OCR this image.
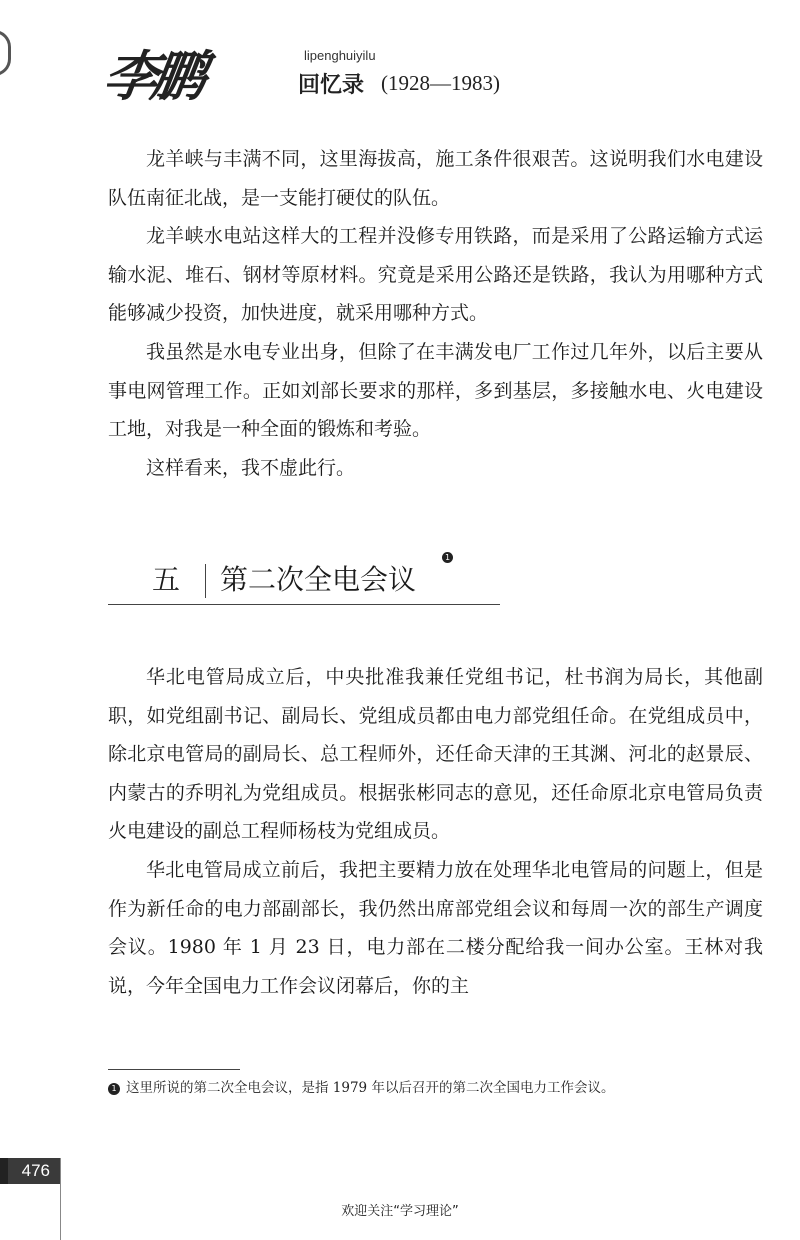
李鹏	lipenghuiyilu
回忆录 (1928—1983)

龙羊峡与丰满不同，这里海拔高，施工条件很艰苦。这说明我们水电建设队伍南征北战，是一支能打硬仗的队伍。

龙羊峡水电站这样大的工程并没修专用铁路，而是采用了公路运输方式运输水泥、堆石、钢材等原材料。究竟是采用公路还是铁路，我认为用哪种方式能够减少投资，加快进度，就采用哪种方式。

我虽然是水电专业出身，但除了在丰满发电厂工作过几年外，以后主要从事电网管理工作。正如刘部长要求的那样，多到基层，多接触水电、火电建设工地，对我是一种全面的锻炼和考验。

这样看来，我不虚此行。

五 第二次全电会议
1

华北电管局成立后，中央批准我兼任党组书记，杜书润为局长，其他副职，如党组副书记、副局长、党组成员都由电力部党组任命。在党组成员中，除北京电管局的副局长、总工程师外，还任命天津的王其渊、河北的赵景辰、内蒙古的乔明礼为党组成员。根据张彬同志的意见，还任命原北京电管局负责火电建设的副总工程师杨枝为党组成员。

华北电管局成立前后，我把主要精力放在处理华北电管局的问题上，但是作为新任命的电力部副部长，我仍然出席部党组会议和每周一次的部生产调度会议。1980 年 1 月 23 日，电力部在二楼分配给我一间办公室。王林对我说，今年全国电力工作会议闭幕后，你的主

1 这里所说的第二次全电会议，是指 1979 年以后召开的第二次全国电力工作会议。
476
欢迎关注“学习理论”
